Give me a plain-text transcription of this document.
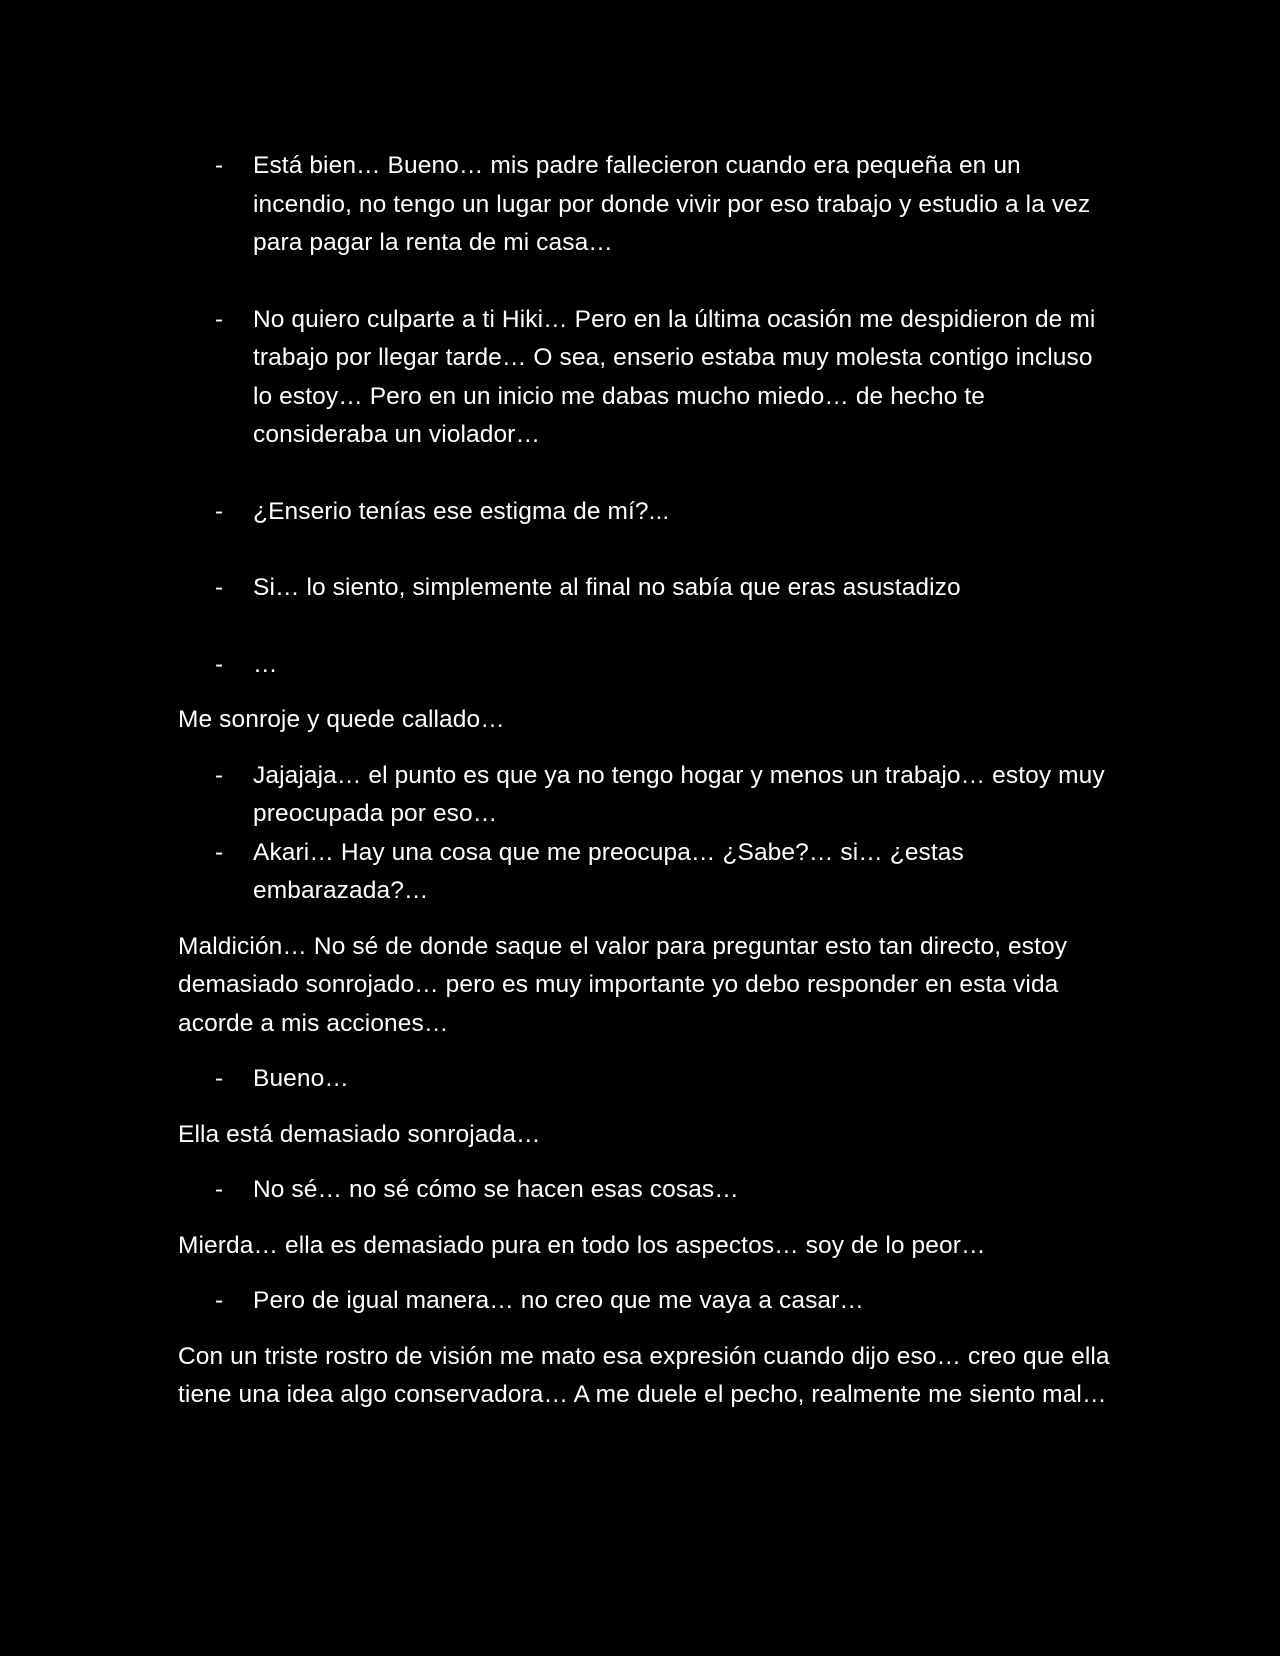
- Está bien… Bueno… mis padre fallecieron cuando era pequeña en un incendio, no tengo un lugar por donde vivir por eso trabajo y estudio a la vez para pagar la renta de mi casa…

- No quiero culparte a ti Hiki… Pero en la última ocasión me despidieron de mi trabajo por llegar tarde… O sea, enserio estaba muy molesta contigo incluso lo estoy… Pero en un inicio me dabas mucho miedo… de hecho te consideraba un violador…

- ¿Enserio tenías ese estigma de mí?...

- Si… lo siento, simplemente al final no sabía que eras asustadizo

- …

Me sonroje y quede callado…

- Jajajaja… el punto es que ya no tengo hogar y menos un trabajo… estoy muy preocupada por eso…

- Akari… Hay una cosa que me preocupa… ¿Sabe?… si… ¿estas embarazada?…

Maldición… No sé de donde saque el valor para preguntar esto tan directo, estoy demasiado sonrojado… pero es muy importante yo debo responder en esta vida acorde a mis acciones…

- Bueno…

Ella está demasiado sonrojada…

- No sé… no sé cómo se hacen esas cosas…

Mierda… ella es demasiado pura en todo los aspectos… soy de lo peor…

- Pero de igual manera… no creo que me vaya a casar…

Con un triste rostro de visión me mato esa expresión cuando dijo eso… creo que ella tiene una idea algo conservadora… A me duele el pecho, realmente me siento mal…
